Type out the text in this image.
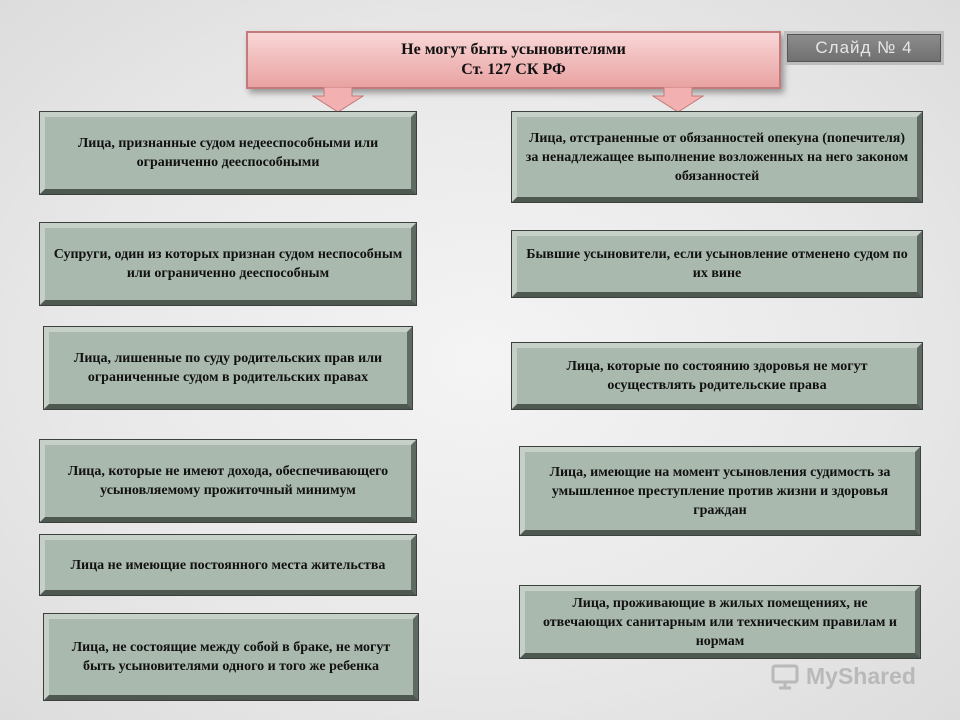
Не могут быть усыновителями
Ст. 127 СК РФ
Слайд № 4
Лица, признанные судом недееспособными или ограниченно дееспособными
Супруги, один из которых признан судом неспособным или ограниченно дееспособным
Лица, лишенные по суду родительских прав или ограниченные судом в родительских правах
Лица, которые не имеют дохода, обеспечивающего усыновляемому прожиточный минимум
Лица не имеющие постоянного места жительства
Лица, не состоящие между собой в браке, не могут быть усыновителями одного и того же ребенка
Лица, отстраненные от обязанностей опекуна (попечителя) за ненадлежащее выполнение возложенных на него законом обязанностей
Бывшие усыновители, если усыновление отменено судом по их вине
Лица, которые по состоянию здоровья не могут осуществлять родительские права
Лица, имеющие на момент усыновления судимость за умышленное преступление против жизни и здоровья граждан
Лица, проживающие в жилых помещениях, не отвечающих санитарным или техническим правилам и нормам
MyShared
